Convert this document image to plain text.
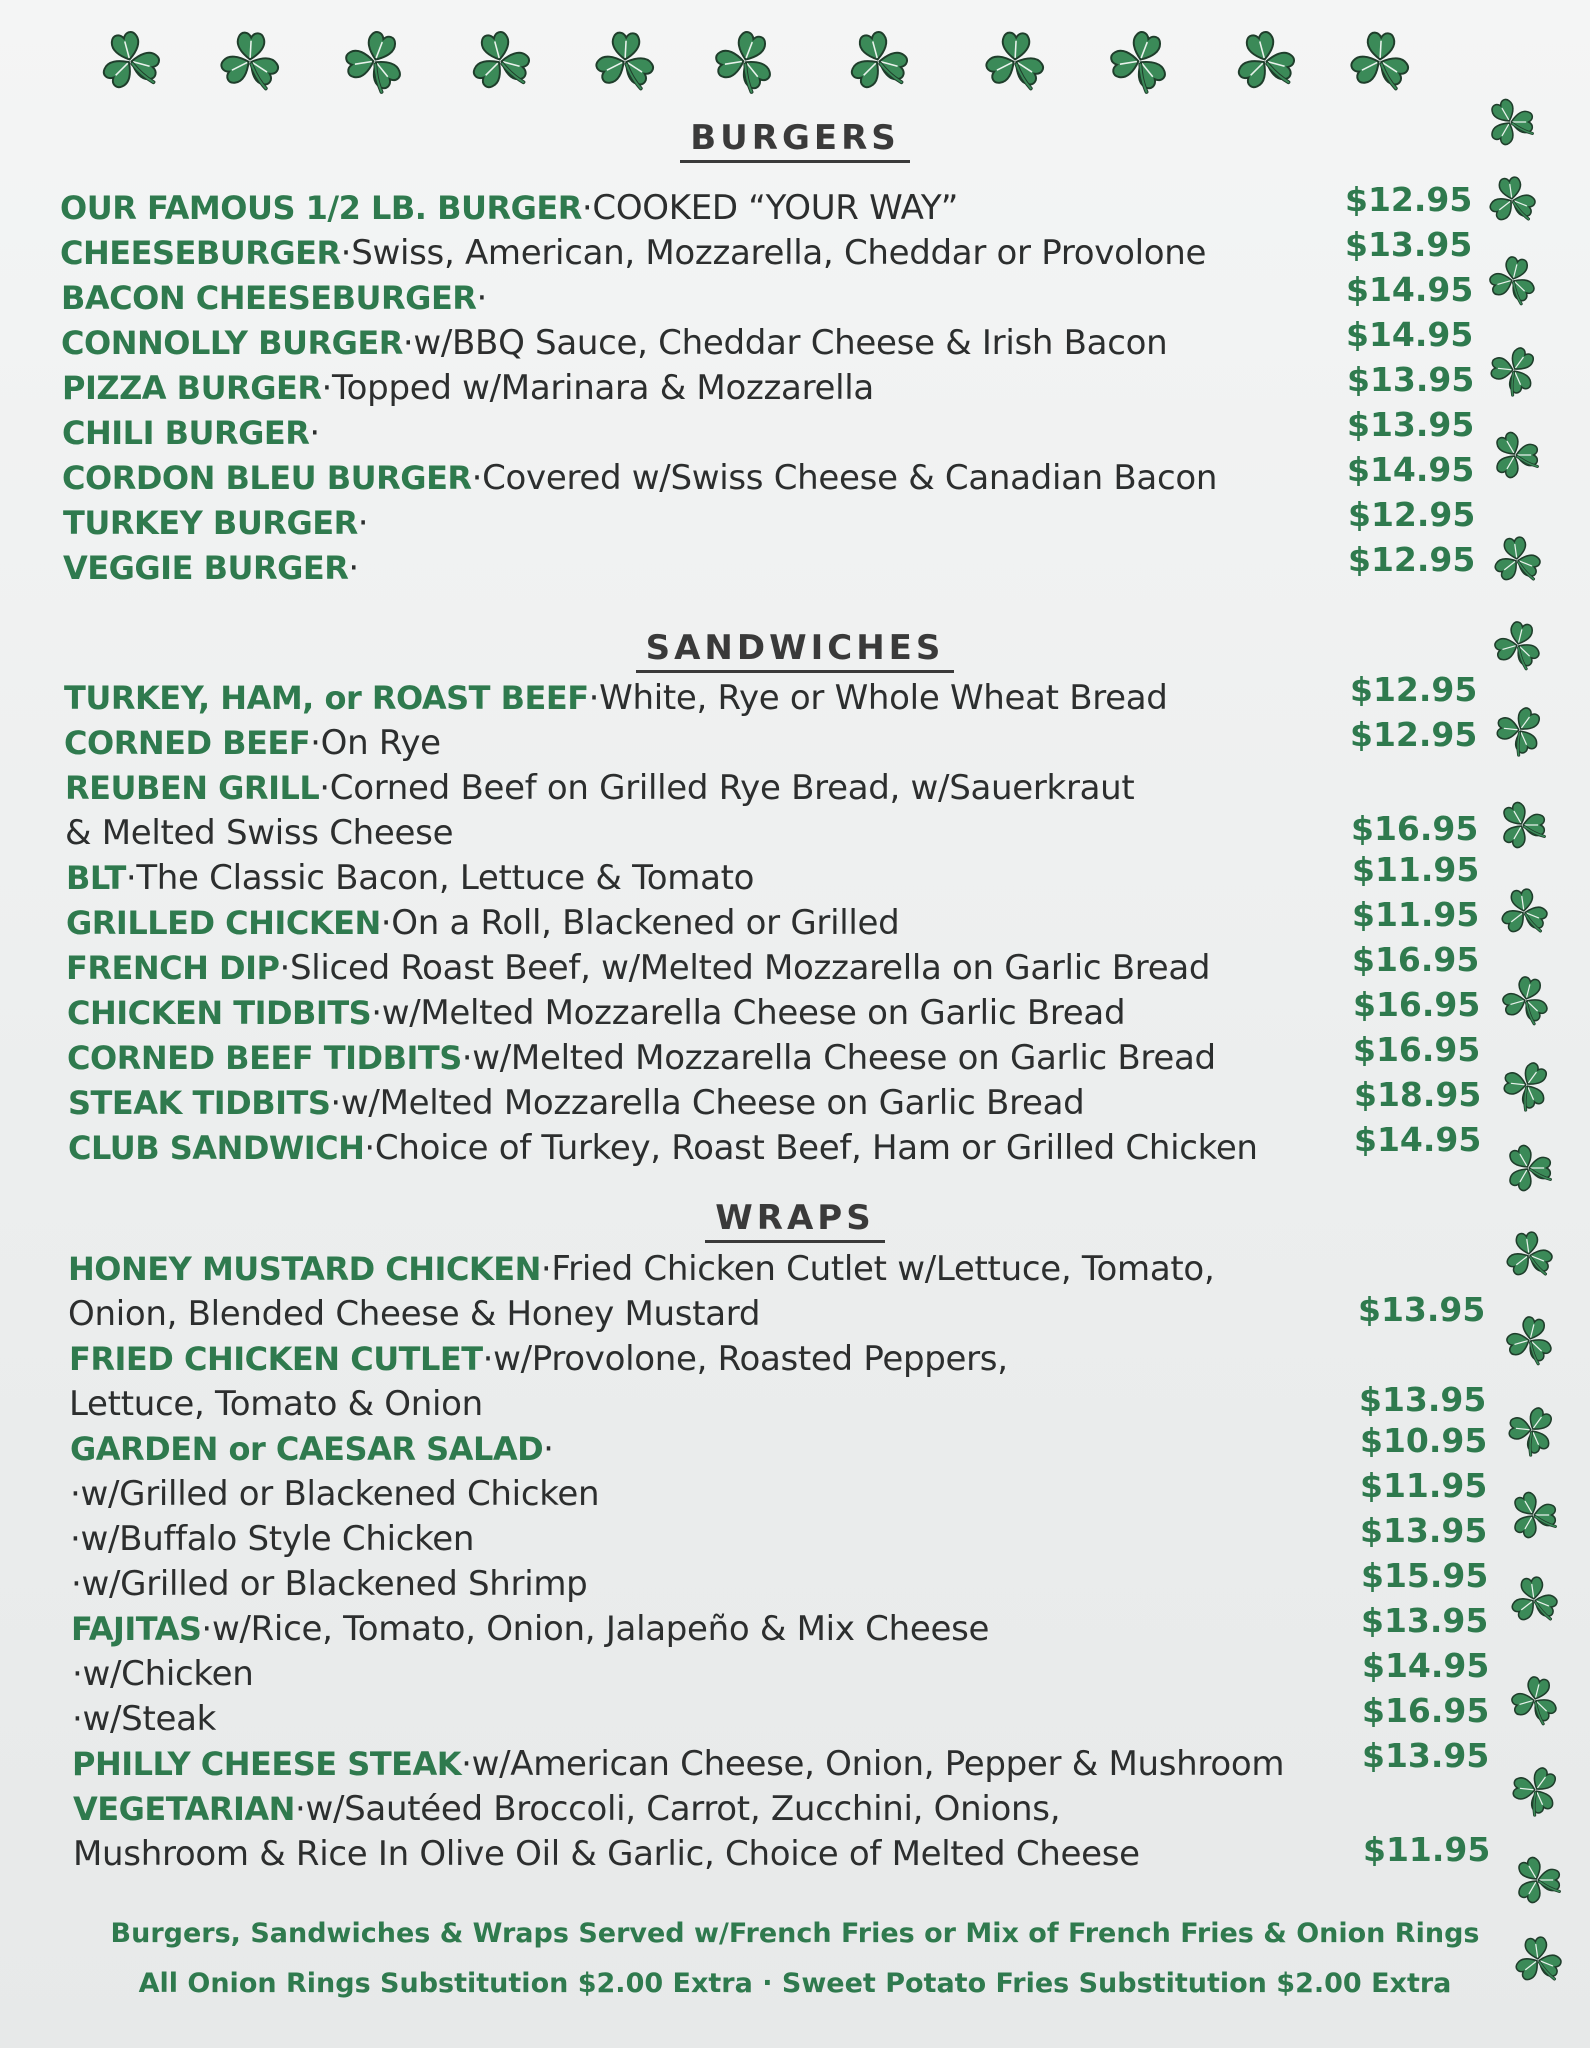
BURGERS
OUR FAMOUS 1/2 LB. BURGER·COOKED “YOUR WAY”	$12.95
CHEESEBURGER·Swiss, American, Mozzarella, Cheddar or Provolone	$13.95
BACON CHEESEBURGER·	$14.95
CONNOLLY BURGER·w/BBQ Sauce, Cheddar Cheese & Irish Bacon	$14.95
PIZZA BURGER·Topped w/Marinara & Mozzarella	$13.95
CHILI BURGER·	$13.95
CORDON BLEU BURGER·Covered w/Swiss Cheese & Canadian Bacon	$14.95
TURKEY BURGER·	$12.95
VEGGIE BURGER·	$12.95
SANDWICHES
TURKEY, HAM, or ROAST BEEF·White, Rye or Whole Wheat Bread	$12.95
CORNED BEEF·On Rye	$12.95
REUBEN GRILL·Corned Beef on Grilled Rye Bread, w/Sauerkraut
& Melted Swiss Cheese	$16.95
BLT·The Classic Bacon, Lettuce & Tomato	$11.95
GRILLED CHICKEN·On a Roll, Blackened or Grilled	$11.95
FRENCH DIP·Sliced Roast Beef, w/Melted Mozzarella on Garlic Bread	$16.95
CHICKEN TIDBITS·w/Melted Mozzarella Cheese on Garlic Bread	$16.95
CORNED BEEF TIDBITS·w/Melted Mozzarella Cheese on Garlic Bread	$16.95
STEAK TIDBITS·w/Melted Mozzarella Cheese on Garlic Bread	$18.95
CLUB SANDWICH·Choice of Turkey, Roast Beef, Ham or Grilled Chicken	$14.95
WRAPS
HONEY MUSTARD CHICKEN·Fried Chicken Cutlet w/Lettuce, Tomato,
Onion, Blended Cheese & Honey Mustard	$13.95
FRIED CHICKEN CUTLET·w/Provolone, Roasted Peppers,
Lettuce, Tomato & Onion	$13.95
GARDEN or CAESAR SALAD·	$10.95
·w/Grilled or Blackened Chicken	$11.95
·w/Buffalo Style Chicken	$13.95
·w/Grilled or Blackened Shrimp	$15.95
FAJITAS·w/Rice, Tomato, Onion, Jalapeño & Mix Cheese	$13.95
·w/Chicken	$14.95
·w/Steak	$16.95
PHILLY CHEESE STEAK·w/American Cheese, Onion, Pepper & Mushroom $13.95
VEGETARIAN·w/Sautéed Broccoli, Carrot, Zucchini, Onions,
Mushroom & Rice In Olive Oil & Garlic, Choice of Melted Cheese	$11.95
Burgers, Sandwiches & Wraps Served w/French Fries or Mix of French Fries & Onion Rings
All Onion Rings Substitution $2.00 Extra · Sweet Potato Fries Substitution $2.00 Extra
